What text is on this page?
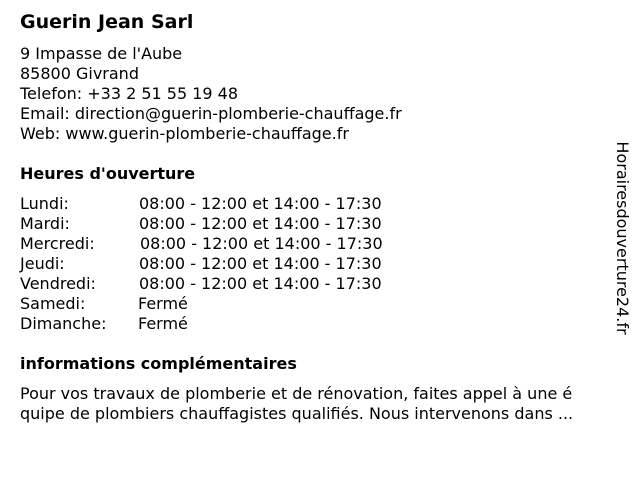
Guerin Jean Sarl
9 Impasse de l'Aube
85800 Givrand
Telefon: +33 2 51 55 19 48
Email: direction@guerin-plomberie-chauffage.fr
Web: www.guerin-plomberie-chauffage.fr
Heures d'ouverture
Lundi:	08:00 - 12:00 et 14:00 - 17:30
Mardi:	08:00 - 12:00 et 14:00 - 17:30
Mercredi:	08:00 - 12:00 et 14:00 - 17:30
Jeudi:	08:00 - 12:00 et 14:00 - 17:30
Vendredi:	08:00 - 12:00 et 14:00 - 17:30
Samedi:	Fermé
Dimanche: Fermé
informations complémentaires
Pour vos travaux de plomberie et de rénovation, faites appel à une é
quipe de plombiers chauffagistes qualifiés. Nous intervenons dans ...
Horairesdouverture24.fr
